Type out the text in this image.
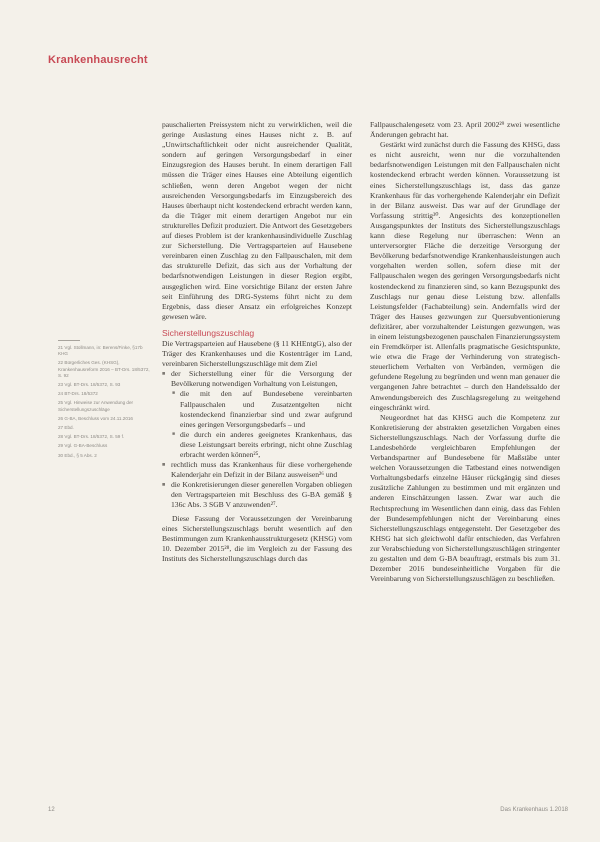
Krankenhausrecht
21 Vgl. Stollmann, in: Berens/Finke, §17b KHG
22 Bürgerliches Ges. (KHSG), Krankenhausreform 2016 – BT-Drs. 18/5372, S. 92
23 Vgl. BT-Drs. 18/5372, S. 93
24 BT-Drs. 18/5372
25 Vgl. Hinweise zur Anwendung der Sicherstellungszuschläge
26 G-BA, Beschluss vom 24.11.2016
27 Ebd.
28 Vgl. BT-Drs. 18/5372, S. 59 f.
29 Vgl. G-BA-Beschluss
30 Ebd., § 5 Abs. 2

pauschalierten Preissystem nicht zu verwirklichen, weil die geringe Auslastung eines Hauses nicht z. B. auf „Unwirtschaftlichkeit oder nicht ausreichender Qualität, sondern auf geringen Versorgungsbedarf in einer Einzugsregion des Hauses beruht. In einem derartigen Fall müssen die Träger eines Hauses eine Abteilung eigentlich schließen, wenn deren Angebot wegen der nicht ausreichenden Versorgungsbedarfs im Einzugsbereich des Hauses überhaupt nicht kostendeckend erbracht werden kann, da die Träger mit einem derartigen Angebot nur ein strukturelles Defizit produziert. Die Antwort des Gesetzgebers auf dieses Problem ist der krankenhausindividuelle Zuschlag zur Sicherstellung. Die Vertragsparteien auf Hausebene vereinbaren einen Zuschlag zu den Fallpauschalen, mit dem das strukturelle Defizit, das sich aus der Vorhaltung der bedarfsnotwendigen Leistungen in dieser Region ergibt, ausgeglichen wird. Eine vorsichtige Bilanz der ersten Jahre seit Einführung des DRG-Systems führt nicht zu dem Ergebnis, dass dieser Ansatz ein erfolgreiches Konzept gewesen wäre.

Sicherstellungszuschlag

Die Vertragsparteien auf Hausebene (§ 11 KHEntgG), also der Träger des Krankenhauses und die Kostenträger im Land, vereinbaren Sicherstellungszuschläge mit dem Ziel

■ der Sicherstellung einer für die Versorgung der Bevölkerung notwendigen Vorhaltung von Leistungen,
■ die mit den auf Bundesebene vereinbarten Fallpauschalen und Zusatzentgelten nicht kostendeckend finanzierbar sind und zwar aufgrund eines geringen Versorgungsbedarfs – und
■ die durch ein anderes geeignetes Krankenhaus, das diese Leistungsart bereits erbringt, nicht ohne Zuschlag erbracht werden können²⁵,
■ rechtlich muss das Krankenhaus für diese vorhergehende Kalenderjahr ein Defizit in der Bilanz ausweisen²⁶ und
■ die Konkretisierungen dieser generellen Vorgaben obliegen den Vertragsparteien mit Beschluss des G-BA gemäß § 136c Abs. 3 SGB V anzuwenden²⁷.

Diese Fassung der Voraussetzungen der Vereinbarung eines Sicherstellungszuschlags beruht wesentlich auf den Bestimmungen zum Krankenhausstrukturgesetz (KHSG) vom 10. Dezember 2015²⁸, die im Vergleich zu der Fassung des Instituts des Sicherstellungszuschlags durch das

Fallpauschalengesetz vom 23. April 2002²⁹ zwei wesentliche Änderungen gebracht hat.

Gestärkt wird zunächst durch die Fassung des KHSG, dass es nicht ausreicht, wenn nur die vorzuhaltenden bedarfsnotwendigen Leistungen mit den Fallpauschalen nicht kostendeckend erbracht werden können. Voraussetzung ist eines Sicherstellungszuschlags ist, dass das ganze Krankenhaus für das vorhergehende Kalenderjahr ein Defizit in der Bilanz ausweist. Das war auf der Grundlage der Vorfassung strittig³⁰. Angesichts des konzeptionellen Ausgangspunktes der Instituts des Sicherstellungszuschlags kann diese Regelung nur überraschen: Wenn an unterversorgter Fläche die derzeitige Versorgung der Bevölkerung bedarfsnotwendige Krankenhausleistungen auch vorgehalten werden sollen, sofern diese mit der Fallpauschalen wegen des geringen Versorgungsbedarfs nicht kostendeckend zu finanzieren sind, so kann Bezugspunkt des Zuschlags nur genau diese Leistung bzw. allenfalls Leistungsfelder (Fachabteilung) sein. Andernfalls wird der Träger des Hauses gezwungen zur Quersubventionierung defizitärer, aber vorzuhaltender Leistungen gezwungen, was in einem leistungsbezogenen pauschalen Finanzierungssystem ein Fremdkörper ist. Allenfalls pragmatische Gesichtspunkte, wie etwa die Frage der Verhinderung von strategisch-steuerlichem Verhalten von Verbänden, vermögen die gefundene Regelung zu begründen und wenn man genauer die vergangenen Jahre betrachtet – durch den Handelssaldo der Anwendungsbereich des Zuschlagsregelung zu weitgehend eingeschränkt wird.

Neugeordnet hat das KHSG auch die Kompetenz zur Konkretisierung der abstrakten gesetzlichen Vorgaben eines Sicherstellungszuschlags. Nach der Vorfassung durfte die Landesbehörde vergleichbaren Empfehlungen der Verbandspartner auf Bundesebene für Maßstäbe unter welchen Voraussetzungen die Tatbestand eines notwendigen Vorhaltungsbedarfs einzelne Häuser rückgängig sind dieses zusätzliche Zahlungen zu bestimmen und mit ergänzen und anderen Einschätzungen lassen. Zwar war auch die Rechtsprechung im Wesentlichen dann einig, dass das Fehlen der Bundesempfehlungen nicht der Vereinbarung eines Sicherstellungszuschlags entgegensteht. Der Gesetzgeber des KHSG hat sich gleichwohl dafür entschieden, das Verfahren zur Verabschiedung von Sicherstellungszuschlägen stringenter zu gestalten und dem G-BA beauftragt, erstmals bis zum 31. Dezember 2016 bundeseinheitliche Vorgaben für die Vereinbarung von Sicherstellungszuschlägen zu beschließen.

12	Das Krankenhaus 1.2018
